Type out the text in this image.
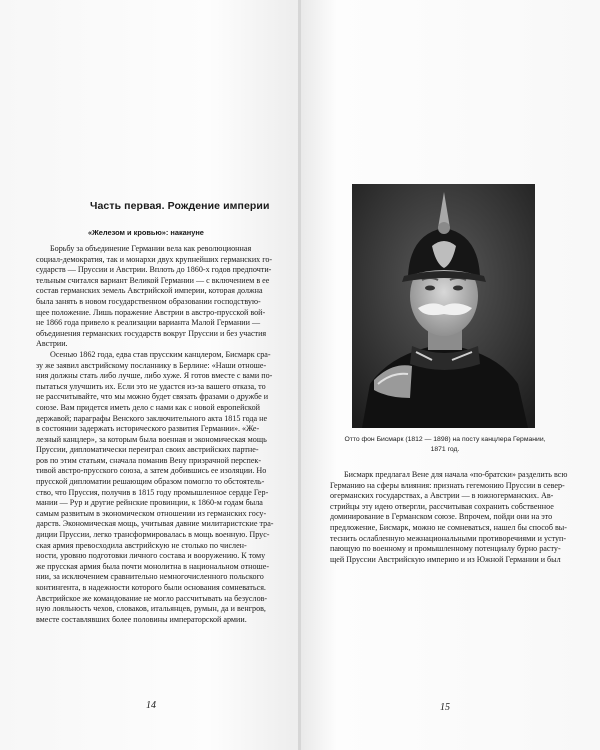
Часть первая. Рождение империи
«Железом и кровью»: накануне
Борьбу за объединение Германии вела как революционная
социал-демократия, так и монархи двух крупнейших германских го-
сударств — Пруссии и Австрии. Вплоть до 1860-х годов предпочти-
тельным считался вариант Великой Германии — с включением в ее
состав германских земель Австрийской империи, которая должна
была занять в новом государственном образовании господствую-
щее положение. Лишь поражение Австрии в австро-прусской вой-
не 1866 года привело к реализации варианта Малой Германии —
объединения германских государств вокруг Пруссии и без участия
Австрии.
Осенью 1862 года, едва став прусским канцлером, Бисмарк сра-
зу же заявил австрийскому посланнику в Берлине: «Наши отноше-
ния должны стать либо лучше, либо хуже. Я готов вместе с вами по-
пытаться улучшить их. Если это не удастся из-за вашего отказа, то
не рассчитывайте, что мы можно будет связать фразами о дружбе и
союзе. Вам придется иметь дело с нами как с новой европейской
державой; параграфы Венского заключительного акта 1815 года не
в состоянии задержать исторического развития Германии». «Же-
лезный канцлер», за которым была военная и экономическая мощь
Пруссии, дипломатически переиграл своих австрийских партне-
ров по этим статьям, сначала поманив Вену призрачной перспек-
тивой австро-прусского союза, а затем добившись ее изоляции. Но
прусской дипломатии решающим образом помогло то обстоятель-
ство, что Пруссия, получив в 1815 году промышленное сердце Гер-
мании — Рур и другие рейнские провинции, к 1860-м годам была
самым развитым в экономическом отношении из германских госу-
дарств. Экономическая мощь, учитывая давние милитаристские тра-
диции Пруссии, легко трансформировалась в мощь военную. Прус-
ская армия превосходила австрийскую не столько по числен-
ности, уровню подготовки личного состава и вооружению. К тому
же прусская армия была почти монолитна в национальном отноше-
нии, за исключением сравнительно немногочисленного польского
контингента, в надежности которого были основания сомневаться.
Австрийское же командование не могло рассчитывать на безуслов-
ную лояльность чехов, словаков, итальянцев, румын, да и венгров,
вместе составлявших более половины императорской армии.
14
Отто фон Бисмарк (1812 — 1898) на посту канцлера Германии,
1871 год.
Бисмарк предлагал Вене для начала «по-братски» разделить всю
Германию на сферы влияния: признать гегемонию Пруссии в север-
огерманских государствах, а Австрии — в южногерманских. Ав-
стрийцы эту идею отвергли, рассчитывая сохранить собственное
доминирование в Германском союзе. Впрочем, пойди они на это
предложение, Бисмарк, можно не сомневаться, нашел бы способ вы-
теснить ослабленную межнациональными противоречиями и уступ-
пающую по военному и промышленному потенциалу бурно расту-
щей Пруссии Австрийскую империю и из Южной Германии и был
15
